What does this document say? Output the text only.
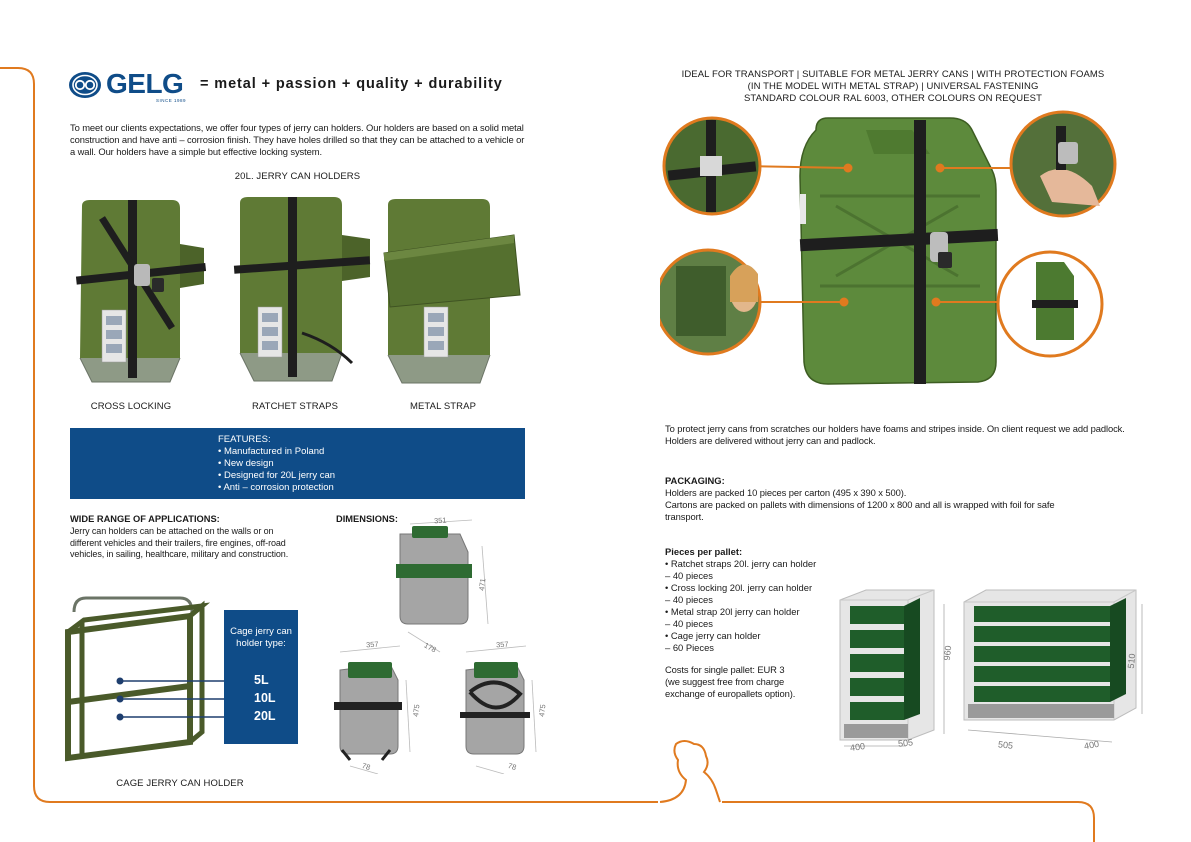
GELG
SINCE 1989
= metal + passion + quality + durability
To meet our clients expectations, we offer four types of jerry can holders. Our holders are based on a solid metal construction and have anti – corrosion finish. They have holes drilled so that they can be attached to a vehicle or a wall. Our holders have a simple but effective locking system.
20L. JERRY CAN HOLDERS
CROSS LOCKING	RATCHET STRAPS	METAL STRAP
FEATURES:
• Manufactured in Poland
• New design
• Designed for 20L jerry can
• Anti – corrosion protection
WIDE RANGE OF APPLICATIONS:
Jerry can holders can be attached on the walls or on different vehicles and their trailers, fire engines, off-road vehicles, in sailing, healthcare, military and construction.
DIMENSIONS:	351
471
178
357
475
78
357
475
78
Cage jerry can holder type:
5L
10L
20L
CAGE JERRY CAN HOLDER
IDEAL FOR TRANSPORT | SUITABLE FOR METAL JERRY CANS | WITH PROTECTION FOAMS
(IN THE MODEL WITH METAL STRAP) | UNIVERSAL FASTENING
STANDARD COLOUR RAL 6003, OTHER COLOURS ON REQUEST
To protect jerry cans from scratches our holders have foams and stripes inside. On client request we add padlock. Holders are delivered without jerry can and padlock.
PACKAGING:
Holders are packed 10 pieces per carton (495 x 390 x 500).
Cartons are packed on pallets with dimensions of 1200 x 800 and all is wrapped with foil for safe transport.
Pieces per pallet:
• Ratchet straps 20l. jerry can holder
– 40 pieces
• Cross locking 20l. jerry can holder
– 40 pieces
• Metal strap 20l jerry can holder
– 40 pieces
• Cage jerry can holder
– 60 Pieces
Costs for single pallet: EUR 3
(we suggest free from charge
exchange of europallets option).
960
400	505	505	400
510
